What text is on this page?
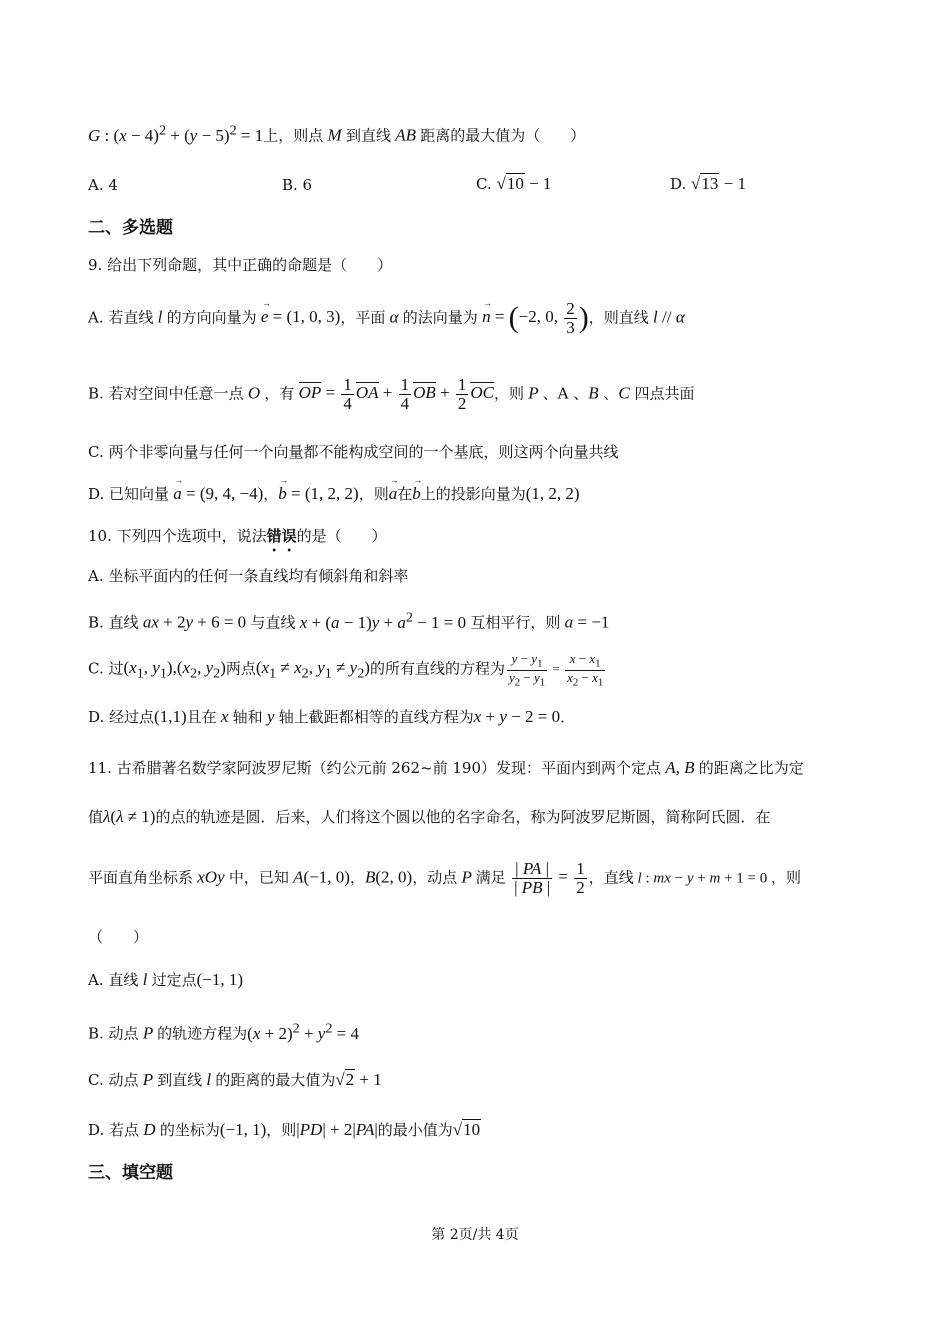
G : $(x - 4)^2 + (y - 5)^2 = 1$上，则点 M 到直线 AB 距离的最大值为（　　）
A. 4	B. 6	C. √10 − 1	D. √13 − 1
二、多选题
9. 给出下列命题，其中正确的命题是（　　）
A. 若直线 l 的方向向量为 → e = (1, 0, 3)，平面 α 的法向量为 → n = (−2, 0, $\frac{2}{3}$ )，则直线 l // α
B. 若对空间中任意一点 O ，有 OP = $\frac{1}{4}$ OA + $\frac{1}{4}$ OB + $\frac{1}{2}$ OC，则 P 、A 、B 、C 四点共面
C. 两个非零向量与任何一个向量都不能构成空间的一个基底，则这两个向量共线
D. 已知向量 → a = (9, 4, −4)，→ b = (1, 2, 2)，则→ a在→ b上的投影向量为(1, 2, 2)
10. 下列四个选项中，说法错误的是（　　）
A. 坐标平面内的任何一条直线均有倾斜角和斜率
B. 直线 ax + 2y + 6 = 0 与直线 $x + (a - 1)y + a^2 - 1 = 0$ 互相平行，则 a = −1
C. 过($x_1$, $y_1),(x_2$, $y_2$)两点($x_1 \ne x_2$, $y_1 \ne y_2$)的所有直线的方程为 $\frac{y - y_1}{y_2 - y_1} = \frac{x - x_1}{x_2 - x_1}$
D. 经过点(1,1)且在 x 轴和 y 轴上截距都相等的直线方程为x + y − 2 = 0．
11. 古希腊著名数学家阿波罗尼斯（约公元前 262~前 190）发现：平面内到两个定点 A, B 的距离之比为定
值λ(λ ≠ 1)的点的轨迹是圆．后来，人们将这个圆以他的名字命名，称为阿波罗尼斯圆，简称阿氏圆．在
平面直角坐标系 xOy 中，已知 A(−1, 0)，B(2, 0)，动点 P 满足 $\frac{| PA |}{| PB |} = \frac{1}{2}$ ，直线 l : mx − y + m + 1 = 0 ，则
（　　）
A. 直线 l 过定点(−1, 1)
B. 动点 P 的轨迹方程为$(x + 2)^2 + y^2 = 4$
C. 动点 P 到直线 l 的距离的最大值为√2 + 1
D. 若点 D 的坐标为(−1, 1)，则|PD| + 2|PA|的最小值为√10
三、填空题
第 2页/共 4页
